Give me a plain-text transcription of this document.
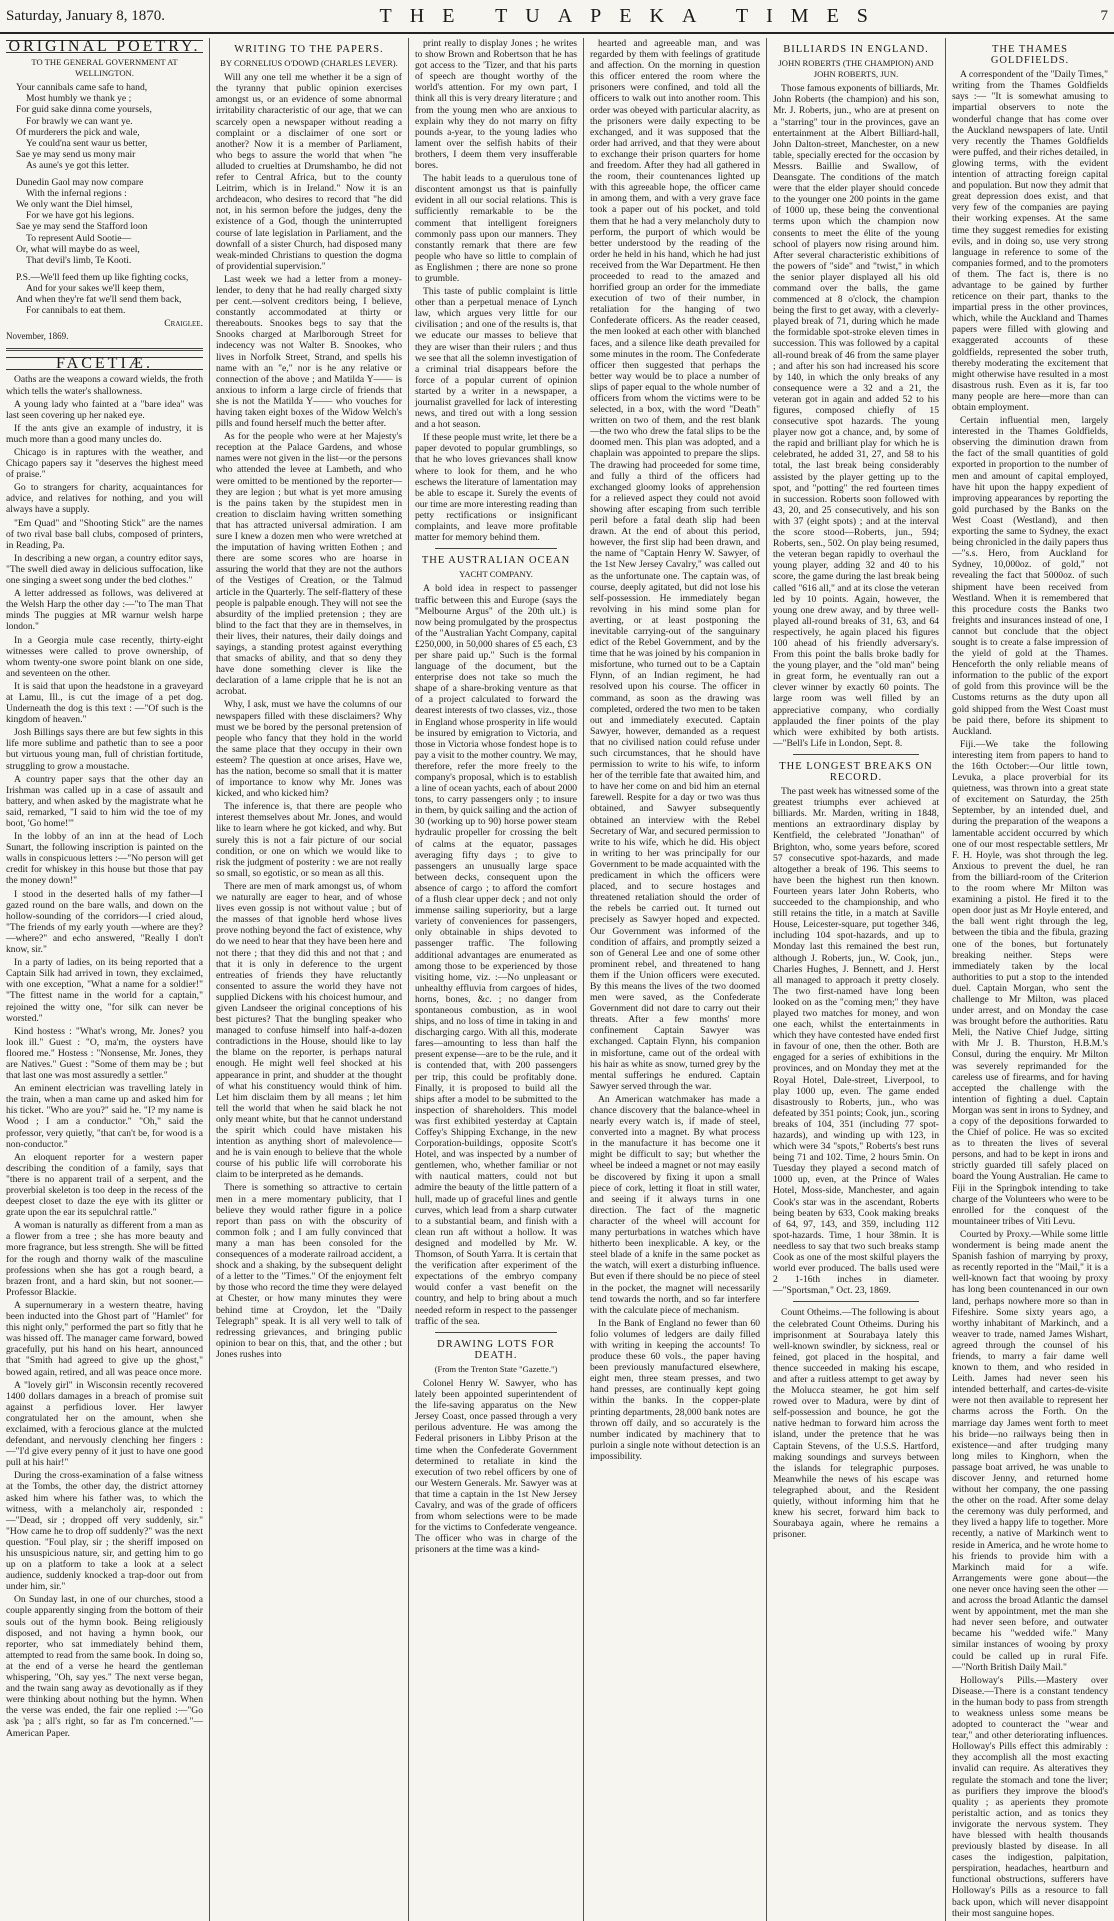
Saturday, January 8, 1870.	THE TUAPEKA TIMES	7
ORIGINAL POETRY.
TO THE GENERAL GOVERNMENT AT WELLINGTON.

Your cannibals came safe to hand,

Most humbly we thank ye ;

For guid sake dinna come yoursels,

For brawly we can want ye.

Of murderers the pick and wale,

Ye could'na sent waur us better,

Sae ye may send us mony mair

As aune's ye got this letter.

Dunedin Gaol may now compare

With the infernal regions :

We only want the Diel himsel,

For we have got his legions.

Sae ye may send the Stafford loon

To represent Auld Sootie—

Or, what will maybe do as weel,

That devil's limb, Te Kooti.

P.S.—We'll feed them up like fighting cocks,

And for your sakes we'll keep them,

And when they're fat we'll send them back,

For cannibals to eat them.

Craiglee.
November, 1869.
FACETIÆ.

Oaths are the weapons a coward wields, the froth which tells the water's shallowness.

A young lady who fainted at a "bare idea" was last seen covering up her naked eye.

If the ants give an example of industry, it is much more than a good many uncles do.

Chicago is in raptures with the weather, and Chicago papers say it "deserves the highest meed of praise."

Go to strangers for charity, acquaintances for advice, and relatives for nothing, and you will always have a supply.

"Em Quad" and "Shooting Stick" are the names of two rival base ball clubs, composed of printers, in Reading, Pa.

In describing a new organ, a country editor says, "The swell died away in delicious suffocation, like one singing a sweet song under the bed clothes."

A letter addressed as follows, was delivered at the Welsh Harp the other day :—"to The man That minds The puggies at MR warnur welsh harpe london."

In a Georgia mule case recently, thirty-eight witnesses were called to prove ownership, of whom twenty-one swore point blank on one side, and seventeen on the other.

It is said that upon the headstone in a graveyard at Lamu, Ill., is cut the image of a pet dog. Underneath the dog is this text : —"Of such is the kingdom of heaven."

Josh Billings says there are but few sights in this life more sublime and pathetic than to see a poor but virtuous young man, full of christian fortitude, struggling to grow a moustache.

A country paper says that the other day an Irishman was called up in a case of assault and battery, and when asked by the magistrate what he said, remarked, "I said to him wid the toe of my boot, 'Go home!'"

In the lobby of an inn at the head of Loch Sunart, the following inscription is painted on the walls in conspicuous letters :—"No person will get credit for whiskey in this house but those that pay the money down!"

I stood in the deserted halls of my father—I gazed round on the bare walls, and down on the hollow-sounding of the corridors—I cried aloud, "The friends of my early youth —where are they?—where?" and echo answered, "Really I don't know, sir."

In a party of ladies, on its being reported that a Captain Silk had arrived in town, they exclaimed, with one exception, "What a name for a soldier!" "The fittest name in the world for a captain," rejoined the witty one, "for silk can never be worsted."

Kind hostess : "What's wrong, Mr. Jones? you look ill." Guest : "O, ma'm, the oysters have floored me." Hostess : "Nonsense, Mr. Jones, they are Natives." Guest : "Some of them may be ; but that last one was most assuredly a settler."

An eminent electrician was travelling lately in the train, when a man came up and asked him for his ticket. "Who are you?" said he. "I? my name is Wood ; I am a conductor." "Oh," said the professor, very quietly, "that can't be, for wood is a non-conductor."

An eloquent reporter for a western paper describing the condition of a family, says that "there is no apparent trail of a serpent, and the proverbial skeleton is too deep in the recess of the deepest closet to daze the eye with its glitter or grate upon the ear its sepulchral rattle."

A woman is naturally as different from a man as a flower from a tree ; she has more beauty and more fragrance, but less strength. She will be fitted for the rough and thorny walk of the masculine professions when she has got a rough beard, a brazen front, and a hard skin, but not sooner.—Professor Blackie.

A supernumerary in a western theatre, having been inducted into the Ghost part of "Hamlet" for this night only," performed the part so fitly that he was hissed off. The manager came forward, bowed gracefully, put his hand on his heart, announced that "Smith had agreed to give up the ghost," bowed again, retired, and all was peace once more.

A "lovely girl" in Wisconsin recently recovered 1400 dollars damages in a breach of promise suit against a perfidious lover. Her lawyer congratulated her on the amount, when she exclaimed, with a ferocious glance at the mulcted defendant, and nervously clenching her fingers :—"I'd give every penny of it just to have one good pull at his hair!"

During the cross-examination of a false witness at the Tombs, the other day, the district attorney asked him where his father was, to which the witness, with a melancholy air, responded :—"Dead, sir ; dropped off very suddenly, sir." "How came he to drop off suddenly?" was the next question. "Foul play, sir ; the sheriff imposed on his unsuspicious nature, sir, and getting him to go up on a platform to take a look at a select audience, suddenly knocked a trap-door out from under him, sir."

On Sunday last, in one of our churches, stood a couple apparently singing from the bottom of their souls out of the hymn book. Being religiously disposed, and not having a hymn book, our reporter, who sat immediately behind them, attempted to read from the same book. In doing so, at the end of a verse he heard the gentleman whispering, "Oh, say yes." The next verse began, and the twain sang away as devotionally as if they were thinking about nothing but the hymn. When the verse was ended, the fair one replied :—"Go ask 'pa ; all's right, so far as I'm concerned."—American Paper.

WRITING TO THE PAPERS.
BY CORNELIUS O'DOWD (CHARLES LEVER).

Will any one tell me whether it be a sign of the tyranny that public opinion exercises amongst us, or an evidence of some abnormal irritability characteristic of our age, that we can scarcely open a newspaper without reading a complaint or a disclaimer of one sort or another? Now it is a member of Parliament, who begs to assure the world that when "he alluded to cruelties at Drumshambo, he did not refer to Central Africa, but to the county Leitrim, which is in Ireland." Now it is an archdeacon, who desires to record that "he did not, in his sermon before the judges, deny the existence of a God, though the uninterrupted course of late legislation in Parliament, and the downfall of a sister Church, had disposed many weak-minded Christians to question the dogma of providential supervision."

Last week we had a letter from a money-lender, to deny that he had really charged sixty per cent.—solvent creditors being, I believe, constantly accommodated at thirty or thereabouts. Snookes begs to say that the Snooks charged at Marlborough Street for indecency was not Walter B. Snookes, who lives in Norfolk Street, Strand, and spells his name with an "e," nor is he any relative or connection of the above ; and Matilda Y—— is anxious to inform a large circle of friends that she is not the Matilda Y—— who vouches for having taken eight boxes of the Widow Welch's pills and found herself much the better after.

As for the people who were at her Majesty's reception at the Palace Gardens, and whose names were not given in the list—or the persons who attended the levee at Lambeth, and who were omitted to be mentioned by the reporter—they are legion ; but what is yet more amusing is the pains taken by the stupidest men in creation to disclaim having written something that has attracted universal admiration. I am sure I knew a dozen men who were wretched at the imputation of having written Eothen ; and there are some scores who are hoarse in assuring the world that they are not the authors of the Vestiges of Creation, or the Talmud article in the Quarterly. The self-flattery of these people is palpable enough. They will not see the absurdity of the implied pretension ; they are blind to the fact that they are in themselves, in their lives, their natures, their daily doings and sayings, a standing protest against everything that smacks of ability, and that so deny they have done something clever is like the declaration of a lame cripple that he is not an acrobat.

Why, I ask, must we have the columns of our newspapers filled with these disclaimers? Why must we be bored by the personal pretension of people who fancy that they hold in the world the same place that they occupy in their own esteem? The question at once arises, Have we, has the nation, become so small that it is matter of importance to know why Mr. Jones was kicked, and who kicked him?

The inference is, that there are people who interest themselves about Mr. Jones, and would like to learn where he got kicked, and why. But surely this is not a fair picture of our social condition, or one on which we would like to risk the judgment of posterity : we are not really so small, so egotistic, or so mean as all this.

There are men of mark amongst us, of whom we naturally are eager to hear, and of whose lives even gossip is not without value ; but of the masses of that ignoble herd whose lives prove nothing beyond the fact of existence, why do we need to hear that they have been here and not there ; that they did this and not that ; and that it is only in deference to the urgent entreaties of friends they have reluctantly consented to assure the world they have not supplied Dickens with his choicest humour, and given Landseer the original conceptions of his best pictures? That the bungling speaker who managed to confuse himself into half-a-dozen contradictions in the House, should like to lay the blame on the reporter, is perhaps natural enough. He might well feel shocked at his appearance in print, and shudder at the thought of what his constituency would think of him. Let him disclaim them by all means ; let him tell the world that when he said black he not only meant white, but that he cannot understand the spirit which could have mistaken his intention as anything short of malevolence—and he is vain enough to believe that the whole course of his public life will corroborate his claim to be interpreted as he demands.

There is something so attractive to certain men in a mere momentary publicity, that I believe they would rather figure in a police report than pass on with the obscurity of common folk ; and I am fully convinced that many a man has been consoled for the consequences of a moderate railroad accident, a shock and a shaking, by the subsequent delight of a letter to the "Times." Of the enjoyment felt by those who record the time they were delayed at Chester, or how many minutes they were behind time at Croydon, let the "Daily Telegraph" speak. It is all very well to talk of redressing grievances, and bringing public opinion to bear on this, that, and the other ; but Jones rushes into

print really to display Jones ; he writes to show Brown and Robertson that he has got access to the 'Tizer, and that his parts of speech are thought worthy of the world's attention. For my own part, I think all this is very dreary literature ; and from the young men who are anxious to explain why they do not marry on fifty pounds a-year, to the young ladies who lament over the selfish habits of their brothers, I deem them very insufferable bores.

The habit leads to a querulous tone of discontent amongst us that is painfully evident in all our social relations. This is sufficiently remarkable to be the comment that intelligent foreigners commonly pass upon our manners. They constantly remark that there are few people who have so little to complain of as Englishmen ; there are none so prone to grumble.

This taste of public complaint is little other than a perpetual menace of Lynch law, which argues very little for our civilisation ; and one of the results is, that we educate our masses to believe that they are wiser than their rulers ; and thus we see that all the solemn investigation of a criminal trial disappears before the force of a popular current of opinion started by a writer in a newspaper, a journalist gravelled for lack of interesting news, and tired out with a long session and a hot season.

If these people must write, let there be a paper devoted to popular grumblings, so that he who loves grievances shall know where to look for them, and he who eschews the literature of lamentation may be able to escape it. Surely the events of our time are more interesting reading than petty rectifications or insignificant complaints, and leave more profitable matter for memory behind them.

THE AUSTRALIAN OCEAN
YACHT COMPANY.

A bold idea in respect to passenger traffic between this and Europe (says the "Melbourne Argus" of the 20th ult.) is now being promulgated by the prospectus of the "Australian Yacht Company, capital £250,000, in 50,000 shares of £5 each, £3 per share paid up." Such is the formal language of the document, but the enterprise does not take so much the shape of a share-broking venture as that of a project calculated to forward the dearest interests of two classes, viz., those in England whose prosperity in life would be insured by emigration to Victoria, and those in Victoria whose fondest hope is to pay a visit to the mother country. We may, therefore, refer the more freely to the company's proposal, which is to establish a line of ocean yachts, each of about 2000 tons, to carry passengers only ; to insure in them, by quick sailing and the action of 30 (working up to 90) horse power steam hydraulic propeller for crossing the belt of calms at the equator, passages averaging fifty days ; to give to passengers an unusually large space between decks, consequent upon the absence of cargo ; to afford the comfort of a flush clear upper deck ; and not only immense sailing superiority, but a large variety of conveniences for passengers, only obtainable in ships devoted to passenger traffic. The following additional advantages are enumerated as among those to be experienced by those visiting home, viz. :—No unpleasant or unhealthy effluvia from cargoes of hides, horns, bones, &c. ; no danger from spontaneous combustion, as in wool ships, and no loss of time in taking in and discharging cargo. With all this, moderate fares—amounting to less than half the present expense—are to be the rule, and it is contended that, with 200 passengers per trip, this could be profitably done. Finally, it is proposed to build all the ships after a model to be submitted to the inspection of shareholders. This model was first exhibited yesterday at Captain Coffey's Shipping Exchange, in the new Corporation-buildings, opposite Scott's Hotel, and was inspected by a number of gentlemen, who, whether familiar or not with nautical matters, could not but admire the beauty of the little pattern of a hull, made up of graceful lines and gentle curves, which lead from a sharp cutwater to a substantial beam, and finish with a clean run aft without a hollow. It was designed and modelled by Mr. W. Thomson, of South Yarra. It is certain that the verification after experiment of the expectations of the embryo company would confer a vast benefit on the country, and help to bring about a much needed reform in respect to the passenger traffic of the sea.

DRAWING LOTS FOR DEATH.
(From the Trenton State "Gazette.")

Colonel Henry W. Sawyer, who has lately been appointed superintendent of the life-saving apparatus on the New Jersey Coast, once passed through a very perilous adventure. He was among the Federal prisoners in Libby Prison at the time when the Confederate Government determined to retaliate in kind the execution of two rebel officers by one of our Western Generals. Mr. Sawyer was at that time a captain in the 1st New Jersey Cavalry, and was of the grade of officers from whom selections were to be made for the victims to Confederate vengeance. The officer who was in charge of the prisoners at the time was a kind-

hearted and agreeable man, and was regarded by them with feelings of gratitude and affection. On the morning in question this officer entered the room where the prisoners were confined, and told all the officers to walk out into another room. This order was obeyed with particular alacrity, as the prisoners were daily expecting to be exchanged, and it was supposed that the order had arrived, and that they were about to exchange their prison quarters for home and freedom. After they had all gathered in the room, their countenances lighted up with this agreeable hope, the officer came in among them, and with a very grave face took a paper out of his pocket, and told them that he had a very melancholy duty to perform, the purport of which would be better understood by the reading of the order he held in his hand, which he had just received from the War Department. He then proceeded to read to the amazed and horrified group an order for the immediate execution of two of their number, in retaliation for the hanging of two Confederate officers. As the reader ceased, the men looked at each other with blanched faces, and a silence like death prevailed for some minutes in the room. The Confederate officer then suggested that perhaps the better way would be to place a number of slips of paper equal to the whole number of officers from whom the victims were to be selected, in a box, with the word "Death" written on two of them, and the rest blank—the two who drew the fatal slips to be the doomed men. This plan was adopted, and a chaplain was appointed to prepare the slips. The drawing had proceeded for some time, and fully a third of the officers had exchanged gloomy looks of apprehension for a relieved aspect they could not avoid showing after escaping from such terrible peril before a fatal death slip had been drawn. At the end of about this period, however, the first slip had been drawn, and the name of "Captain Henry W. Sawyer, of the 1st New Jersey Cavalry," was called out as the unfortunate one. The captain was, of course, deeply agitated, but did not lose his self-possession. He immediately began revolving in his mind some plan for averting, or at least postponing the inevitable carrying-out of the sanguinary edict of the Rebel Government, and by the time that he was joined by his companion in misfortune, who turned out to be a Captain Flynn, of an Indian regiment, he had resolved upon his course. The officer in command, as soon as the drawing was completed, ordered the two men to be taken out and immediately executed. Captain Sawyer, however, demanded as a request that no civilised nation could refuse under such circumstances, that he should have permission to write to his wife, to inform her of the terrible fate that awaited him, and to have her come on and bid him an eternal farewell. Respite for a day or two was thus obtained, and Sawyer subsequently obtained an interview with the Rebel Secretary of War, and secured permission to write to his wife, which he did. His object in writing to her was principally for our Government to be made acquainted with the predicament in which the officers were placed, and to secure hostages and threatened retaliation should the order of the rebels be carried out. It turned out precisely as Sawyer hoped and expected. Our Government was informed of the condition of affairs, and promptly seized a son of General Lee and one of some other prominent rebel, and threatened to hang them if the Union officers were executed. By this means the lives of the two doomed men were saved, as the Confederate Government did not dare to carry out their threats. After a few months' more confinement Captain Sawyer was exchanged. Captain Flynn, his companion in misfortune, came out of the ordeal with his hair as white as snow, turned grey by the mental sufferings he endured. Captain Sawyer served through the war.

An American watchmaker has made a chance discovery that the balance-wheel in nearly every watch is, if made of steel, converted into a magnet. By what process in the manufacture it has become one it might be difficult to say; but whether the wheel be indeed a magnet or not may easily be discovered by fixing it upon a small piece of cork, letting it float in still water, and seeing if it always turns in one direction. The fact of the magnetic character of the wheel will account for many perturbations in watches which have hitherto been inexplicable. A key, or the steel blade of a knife in the same pocket as the watch, will exert a disturbing influence. But even if there should be no piece of steel in the pocket, the magnet will necessarily tend towards the north, and so far interfere with the calculate piece of mechanism.

In the Bank of England no fewer than 60 folio volumes of ledgers are daily filled with writing in keeping the accounts! To produce these 60 vols., the paper having been previously manufactured elsewhere, eight men, three steam presses, and two hand presses, are continually kept going within the banks. In the copper-plate printing departments, 28,000 bank notes are thrown off daily, and so accurately is the number indicated by machinery that to purloin a single note without detection is an impossibility.

BILLIARDS IN ENGLAND.
JOHN ROBERTS (THE CHAMPION) AND JOHN ROBERTS, JUN.

Those famous exponents of billiards, Mr. John Roberts (the champion) and his son, Mr. J. Roberts, jun., who are at present on a "starring" tour in the provinces, gave an entertainment at the Albert Billiard-hall, John Dalton-street, Manchester, on a new table, specially erected for the occasion by Messrs. Baillie and Swallow, of Deansgate. The conditions of the match were that the elder player should concede to the younger one 200 points in the game of 1000 up, these being the conventional terms upon which the champion now consents to meet the élite of the young school of players now rising around him. After several characteristic exhibitions of the powers of "side" and "twist," in which the senior player displayed all his old command over the balls, the game commenced at 8 o'clock, the champion being the first to get away, with a cleverly-played break of 71, during which he made the formidable spot-stroke eleven times in succession. This was followed by a capital all-round break of 46 from the same player ; and after his son had increased his score by 140, in which the only breaks of any consequence were a 32 and a 21, the veteran got in again and added 52 to his figures, composed chiefly of 15 consecutive spot hazards. The young player now got a chance, and, by some of the rapid and brilliant play for which he is celebrated, he added 31, 27, and 58 to his total, the last break being considerably assisted by the player getting up to the spot, and "potting" the red fourteen times in succession. Roberts soon followed with 43, 20, and 25 consecutively, and his son with 37 (eight spots) ; and at the interval the score stood—Roberts, jun., 594; Roberts, sen., 502. On play being resumed, the veteran began rapidly to overhaul the young player, adding 32 and 40 to his score, the game during the last break being called "616 all," and at its close the veteran led by 10 points. Again, however, the young one drew away, and by three well-played all-round breaks of 31, 63, and 64 respectively, he again placed his figures 100 ahead of his friendly adversary's. From this point the balls broke badly for the young player, and the "old man" being in great form, he eventually ran out a clever winner by exactly 60 points. The large room was well filled by an appreciative company, who cordially applauded the finer points of the play which were exhibited by both artists. —"Bell's Life in London, Sept. 8.

THE LONGEST BREAKS ON RECORD.

The past week has witnessed some of the greatest triumphs ever achieved at billiards. Mr. Marden, writing in 1848, mentions an extraordinary display by Kentfield, the celebrated "Jonathan" of Brighton, who, some years before, scored 57 consecutive spot-hazards, and made altogether a break of 196. This seems to have been the highest run then known. Fourteen years later John Roberts, who succeeded to the championship, and who still retains the title, in a match at Saville House, Leicester-square, put together 346, including 104 spot-hazards, and up to Monday last this remained the best run, although J. Roberts, jun., W. Cook, jun., Charles Hughes, J. Bennett, and J. Herst all managed to approach it pretty closely. The two first-named have long been looked on as the "coming men;" they have played two matches for money, and won one each, whilst the entertainments in which they have contested have ended first in favour of one, then the other. Both are engaged for a series of exhibitions in the provinces, and on Monday they met at the Royal Hotel, Dale-street, Liverpool, to play 1000 up, even. The game ended disastrously to Roberts, jun., who was defeated by 351 points; Cook, jun., scoring breaks of 104, 351 (including 77 spot-hazards), and winding up with 123, in which were 34 "spots," Roberts's best runs being 71 and 102. Time, 2 hours 5min. On Tuesday they played a second match of 1000 up, even, at the Prince of Wales Hotel, Moss-side, Manchester, and again Cook's star was in the ascendant, Roberts being beaten by 633, Cook making breaks of 64, 97, 143, and 359, including 112 spot-hazards. Time, 1 hour 38min. It is needless to say that two such breaks stamp Cook as one of the most skilful players the world ever produced. The balls used were 2 1-16th inches in diameter.—"Sportsman," Oct. 23, 1869.

Count Otheims.—The following is about the celebrated Count Otheims. During his imprisonment at Sourabaya lately this well-known swindler, by sickness, real or feined, got placed in the hospital, and thence succeeded in making his escape, and after a ruitless attempt to get away by the Molucca steamer, he got him self rowed over to Madura, were by dint of self-possession and bounce, he got the native hedman to forward him across the island, under the pretence that he was Captain Stevens, of the U.S.S. Hartford, making soundings and surveys between the islands for telegraphic purposes. Meanwhile the news of his escape was telegraphed about, and the Resident quietly, without informing him that he knew his secret, forward him back to Sourabaya again, where he remains a prisoner.

THE THAMES GOLDFIELDS.

A correspondent of the "Daily Times," writing from the Thames Goldfields says :— "It is somewhat amusing to impartial observers to note the wonderful change that has come over the Auckland newspapers of late. Until very recently the Thames Goldfields were puffed, and their riches detailed, in glowing terms, with the evident intention of attracting foreign capital and population. But now they admit that great depression does exist, and that very few of the companies are paying their working expenses. At the same time they suggest remedies for existing evils, and in doing so, use very strong language in reference to some of the companies formed, and to the promoters of them. The fact is, there is no advantage to be gained by further reticence on their part, thanks to the impartial press in the other provinces, which, while the Auckland and Thames papers were filled with glowing and exaggerated accounts of these goldfields, represented the sober truth, thereby moderating the excitement that might otherwise have resulted in a most disastrous rush. Even as it is, far too many people are here—more than can obtain employment.

Certain influential men, largely interested in the Thames Goldfields, observing the diminution drawn from the fact of the small quantities of gold exported in proportion to the number of men and amount of capital employed, have hit upon the happy expedient of improving appearances by reporting the gold purchased by the Banks on the West Coast (Westland), and then exporting the same to Sydney, the exact being chronicled in the daily papers thus—"s.s. Hero, from Auckland for Sydney, 10,000oz. of gold," not revealing the fact that 5000oz. of such shipment have been received from Westland. When it is remembered that this procedure costs the Banks two freights and insurances instead of one, I cannot but conclude that the object sought is to create a false impression of the yield of gold at the Thames. Henceforth the only reliable means of information to the public of the export of gold from this province will be the Customs returns as the duty upon all gold shipped from the West Coast must be paid there, before its shipment to Auckland.

Fiji.—We take the following interesting item from papers to hand to the 16th October:—Our little town, Levuka, a place proverbial for its quietness, was thrown into a great state of excitement on Saturday, the 25th September, by an intended duel, and during the preparation of the weapons a lamentable accident occurred by which one of our most respectable settlers, Mr F. H. Hoyle, was shot through the leg. Anxious to prevent the duel, he ran from the billiard-room of the Criterion to the room where Mr Milton was examining a pistol. He fired it to the open door just as Mr Hoyle entered, and the ball went right through the leg, between the tibia and the fibula, grazing one of the bones, but fortunately breaking neither. Steps were immediately taken by the local authorities to put a stop to the intended duel. Captain Morgan, who sent the challenge to Mr Milton, was placed under arrest, and on Monday the case was brought before the authorities. Ratu Meli, the Native Chief Judge, sitting with Mr J. B. Thurston, H.B.M.'s Consul, during the enquiry. Mr Milton was severely reprimanded for the careless use of firearms, and for having accepted the challenge with the intention of fighting a duel. Captain Morgan was sent in irons to Sydney, and a copy of the depositions forwarded to the Chief of police. He was so excited as to threaten the lives of several persons, and had to be kept in irons and strictly guarded till safely placed on board the Young Australian. He came to Fiji in the Springbok intending to take charge of the Volunteers who were to be enrolled for the conquest of the mountaineer tribes of Viti Levu.

Courted by Proxy.—While some little wonderment is being made anent the Spanish fashion of marrying by proxy, as recently reported in the "Mail," it is a well-known fact that wooing by proxy has long been countenanced in our own land, perhaps nowhere more so than in Fifeshire. Some sixty years ago, a worthy inhabitant of Markinch, and a weaver to trade, named James Wishart, agreed through the counsel of his friends, to marry a fair dame well known to them, and who resided in Leith. James had never seen his intended betterhalf, and cartes-de-visite were not then available to represent her charms across the Forth. On the marriage day James went forth to meet his bride—no railways being then in existence—and after trudging many long miles to Kinghorn, when the passage boat arrived, he was unable to discover Jenny, and returned home without her company, the one passing the other on the road. After some delay the ceremony was duly performed, and they lived a happy life to together. More recently, a native of Markinch went to reside in America, and he wrote home to his friends to provide him with a Markinch maid for a wife. Arrangements were gone about—the one never once having seen the other —and across the broad Atlantic the damsel went by appointment, met the man she had never seen before, and outwater became his "wedded wife." Many similar instances of wooing by proxy could be called up in rural Fife.—"North British Daily Mail."

Holloway's Pills.—Mastery over Disease.—There is a constant tendency in the human body to pass from strength to weakness unless some means be adopted to counteract the "wear and tear," and other deteriorating influences. Holloway's Pills effect this admirably : they accomplish all the most exacting invalid can require. As alteratives they regulate the stomach and tone the liver; as purifiers they improve the blood's quality ; as aperients they promote peristaltic action, and as tonics they invigorate the nervous system. They have blessed with health thousands previously blasted by disease. In all cases the indigestion, palpitation, perspiration, headaches, heartburn and functional obstructions, sufferers have Holloway's Pills as a resource to fall back upon, which will never disappoint their most sanguine hopes.
